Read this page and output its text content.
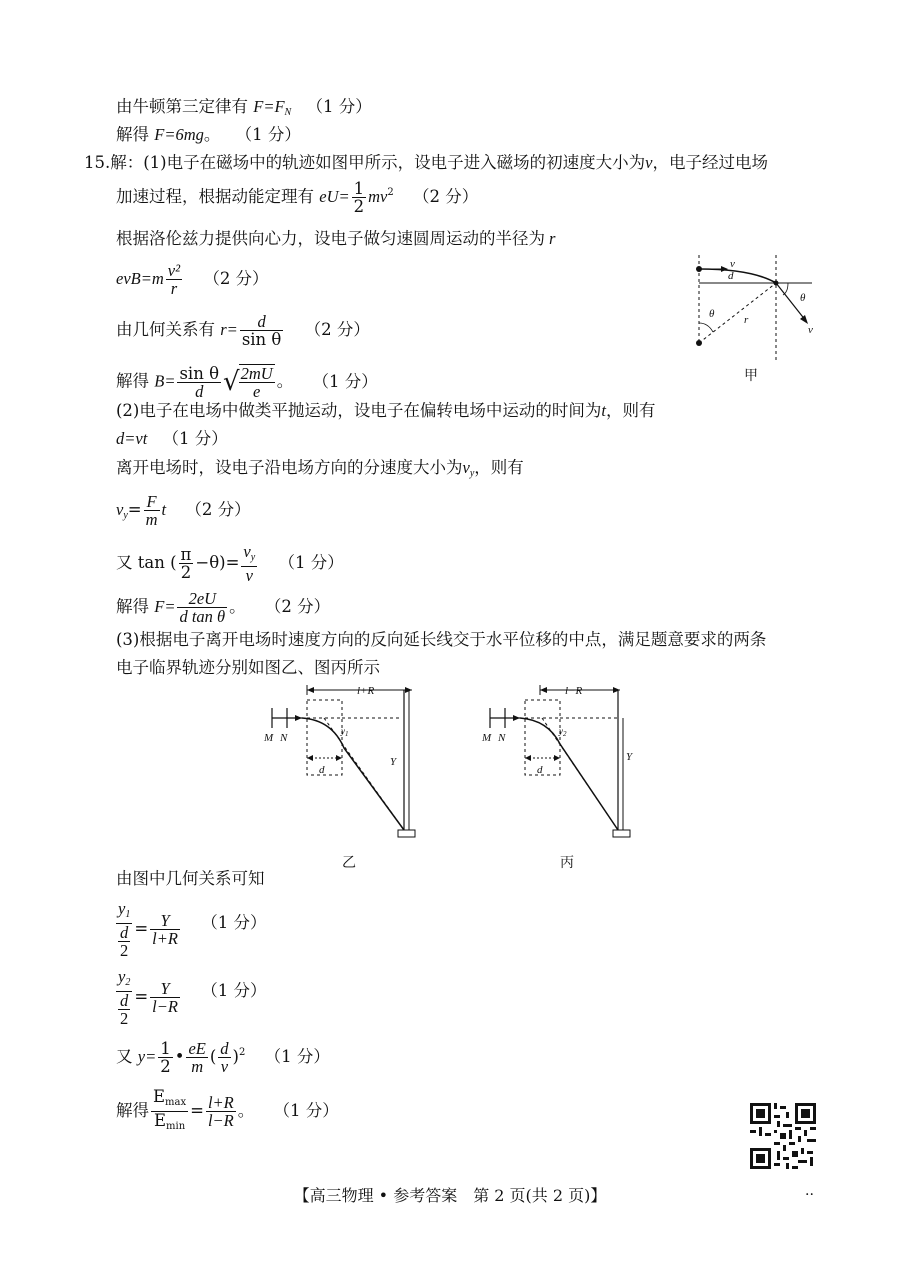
由牛顿第三定律有 $F=F_N$ （1 分）
解得 F=6mg。 （1 分）
15.解：(1)电子在磁场中的轨迹如图甲所示，设电子进入磁场的初速度大小为v，电子经过电场
加速过程，根据动能定理有 $eU= \frac{1}{2} mv^2$ （2 分）
根据洛伦兹力提供向心力，设电子做匀速圆周运动的半径为 r
$evB=m \frac{\text{v²}}{r} (2$ 分）
由几何关系有 $r= \frac{d}{\text{sin θ}} (2$ 分）
解得 $B= \frac{\text{sin θ}}{d}$ √ $\frac{2mU}{e}$ 。 （1 分）
v
d
θ
θ	r
v
甲
(2)电子在电场中做类平抛运动，设电子在偏转电场中运动的时间为t，则有
d=vt （1 分）
离开电场时，设电子沿电场方向的分速度大小为$v_y$，则有
$v_y= \frac{F}{m}$ t （2 分）
又 tan ( $\frac{\pi}{2} -\theta)= \frac{v_y}{v} (1$ 分）
解得 $F= \frac{2eU}{\text{d tan θ}}$ 。 （2 分）
(3)根据电子离开电场时速度方向的反向延长线交于水平位移的中点，满足题意要求的两条
电子临界轨迹分别如图乙、图丙所示
l+R
d
M N
$y_1$
Y
乙
l−R
d
M N
$y_2$
Y
丙
由图中几何关系可知
$y_1$
d
$2 = \frac{Y}{l+R} (1$ 分）
$y_2$
d
$2 = \frac{Y}{l-R} (1$ 分）
又 $y= \frac{1}{2}$ • $\frac{eE}{m}$ ( $\frac{d}{v} )^2$ （1 分）
解得 $\frac{E_{max}}{E_{min}} = \frac{l+R}{l-R}$ 。 （1 分）
【高三物理 • 参考答案　第 2 页(共 2 页)】	..
